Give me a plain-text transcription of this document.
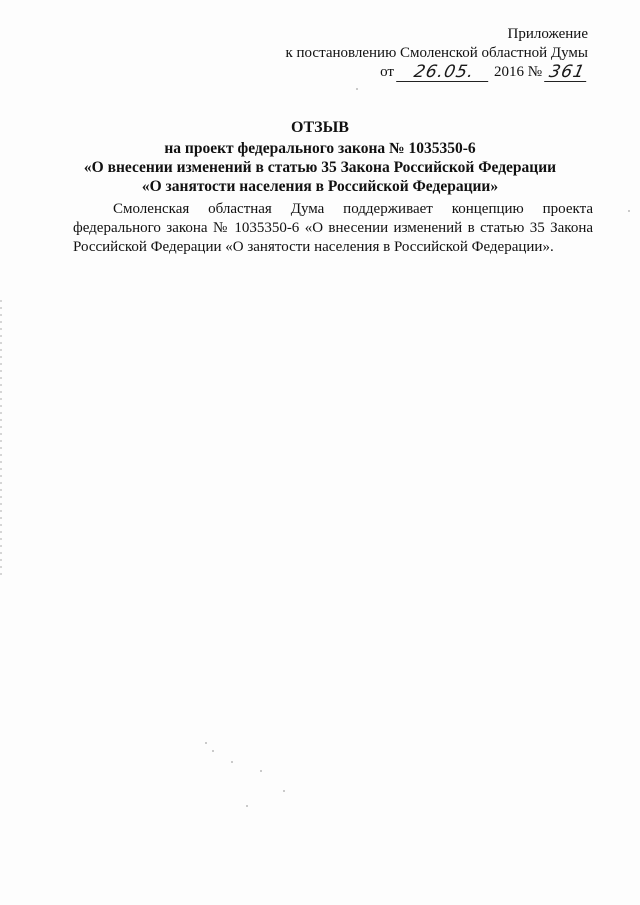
Приложение
к постановлению Смоленской областной Думы
от	26.05.	2016 № 361
ОТЗЫВ
на проект федерального закона № 1035350-6
«О внесении изменений в статью 35 Закона Российской Федерации
«О занятости населения в Российской Федерации»

Смоленская областная Дума поддерживает концепцию проекта федерального закона № 1035350-6 «О внесении изменений в статью 35 Закона Российской Федерации «О занятости населения в Российской Федерации».
